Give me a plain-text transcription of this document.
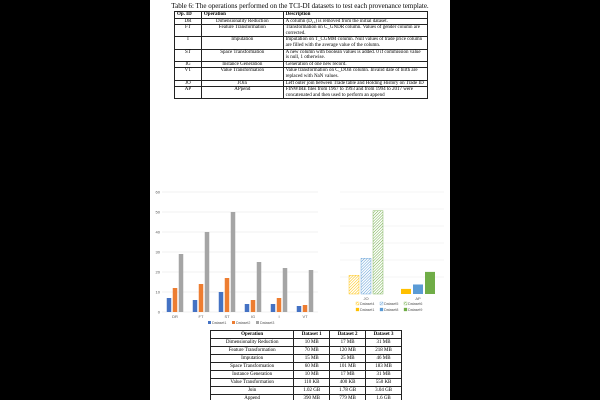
Table 6: The operations performed on the TCI-DI datasets to test each provenance template.
Op. ID	Operation	Description
DR	Dimensionality Reduction	A column (D₁₁) is removed from the initial dataset.
FT	Feature Transformation	Transformation on C_GNDR column. Values of gender column are corrected.
I	Imputation	Imputation on T_CGMM column. Null values of trade price column are filled with the average value of the column.
ST	Space Transformation	A new column with boolean values is added. 0 if commission value is null, 1 otherwise.
IG	Instance Generation	Generation of one new record.
VT	Value Transformation	Value transformation on C_DOB column. Invalid date of birth are replaced with NaN values.
JO	JOin	Left outer join between Trade table and Holding History on Trade ID
AP	APpend	FINWIRE files from 1967 to 1993 and from 1994 to 2017 were concatenated and then used to perform an append
0
10
20
30
40
50
60
DR	FT	ST	IG	I	VT
Dataset1	Dataset2	Dataset3
JO	AP
Dataset4	Dataset5	Dataset6
Dataset1	Dataset8	Dataset9
Operation	Dataset 1	Dataset 2	Dataset 3
Dimensionality Reduction	10 MB	17 MB	31 MB
Feature Transformation	70 MB	120 MB	218 MB
Imputation	15 MB	25 MB	46 MB
Space Transformation	60 MB	101 MB	183 MB
Instance Generation	10 MB	17 MB	31 MB
Value Transformation	110 KB	400 KB	550 KB
Join	1.02 GB	1.78 GB	3.04 GB
Append	390 MB	779 MB	1.6 GB
